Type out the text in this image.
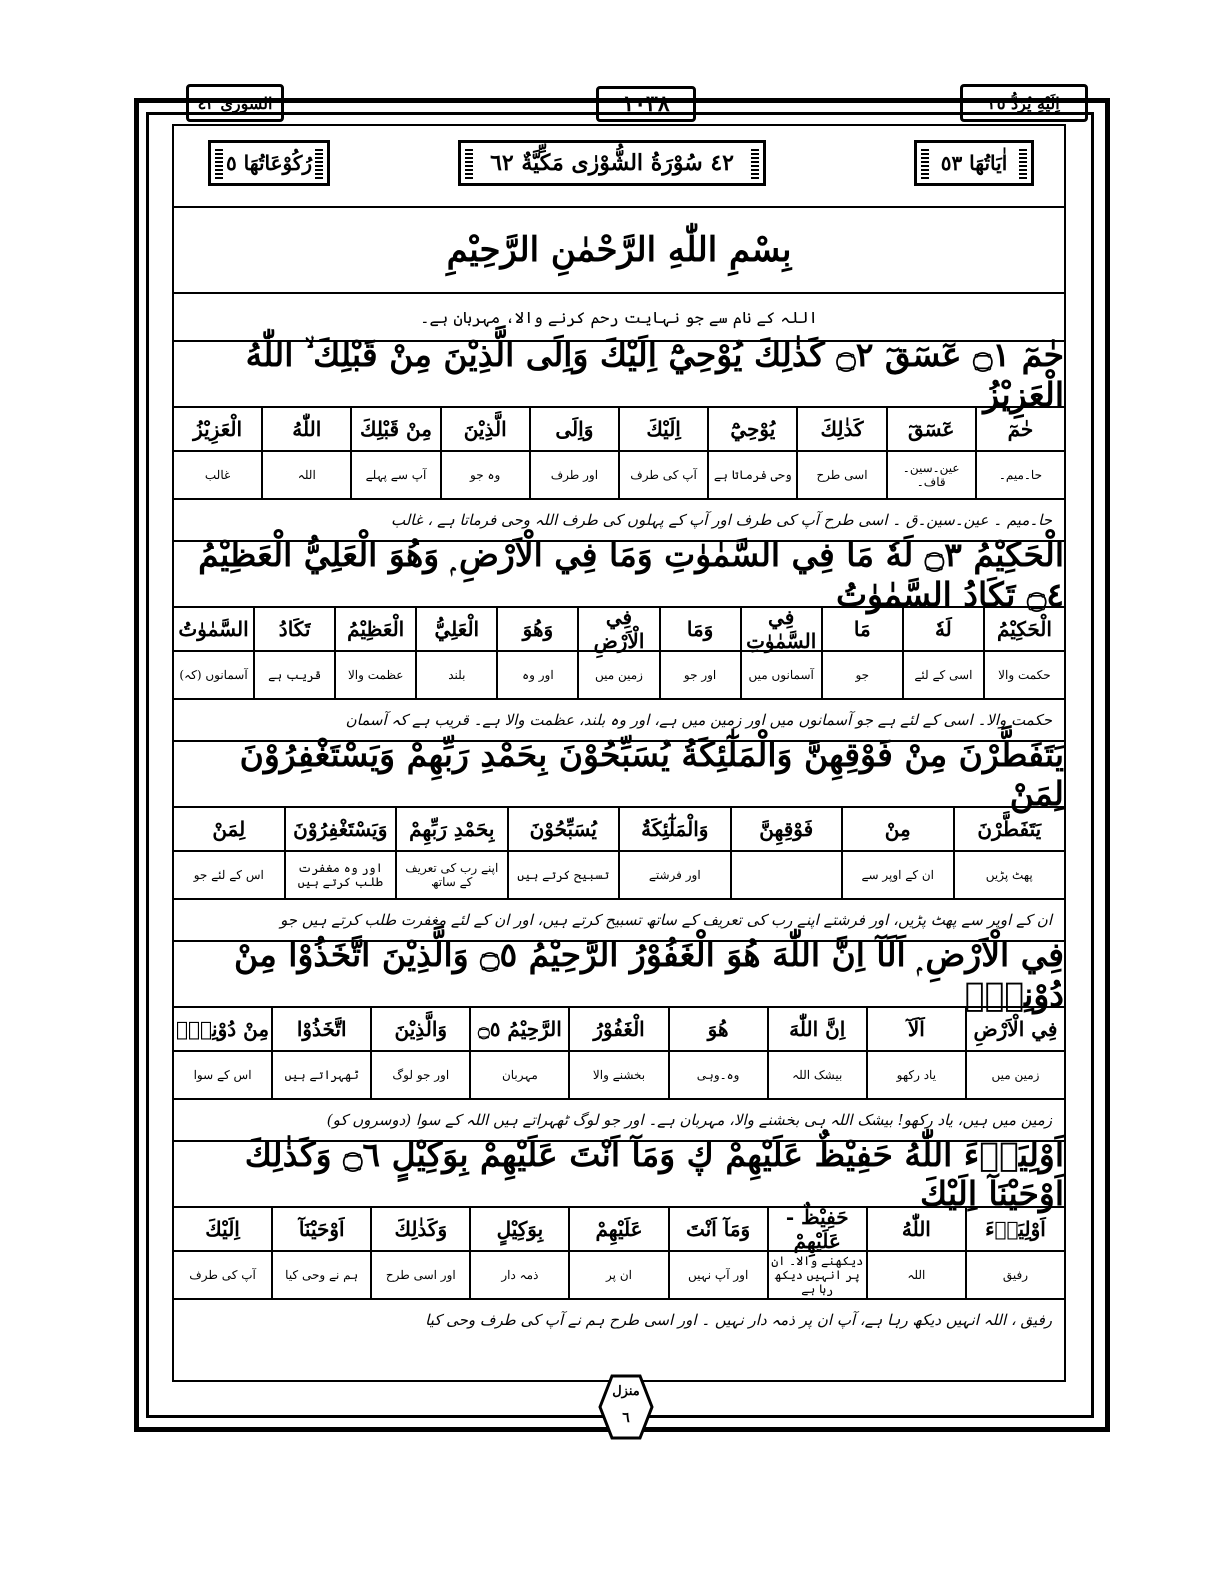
اِلَيْهِ يُرَدُّ ٢٥
١٠٣٨
الشوریٰ ٤٢
اٰيَاتُهَا ٥٣
٤٢ سُوْرَةُ الشُّوْرٰى مَكِّيَّةٌ ٦٢
رُكُوْعَاتُهَا ٥
بِسْمِ اللّٰهِ الرَّحْمٰنِ الرَّحِيْمِ
اللہ کے نام سے جو نہایت رحم کرنے والا، مہربان ہے۔
حٰمٓ ۝١ عٓسٓقٓ ۝٢ كَذٰلِكَ يُوْحِيْٓ اِلَيْكَ وَاِلَى الَّذِيْنَ مِنْ قَبْلِكَ ۙ اللّٰهُ الْعَزِيْزُ
حٰمٓ
عٓسٓقٓ
كَذٰلِكَ
يُوْحِيْٓ
اِلَيْكَ
وَاِلَى
الَّذِيْنَ
مِنْ قَبْلِكَ
اللّٰهُ
الْعَزِيْزُ
حا۔میم۔
عین۔سین۔قاف۔
اسی طرح
وحی فرماتا ہے
آپ کی طرف
اور طرف
وہ جو
آپ سے پہلے
اللہ
غالب
حا۔میم ۔ عین۔سین۔ق ۔ اسی طرح آپ کی طرف اور آپ کے پہلوں کی طرف اللہ وحی فرماتا ہے ، غالب
الْحَكِيْمُ ۝٣ لَهٗ مَا فِي السَّمٰوٰتِ وَمَا فِي الْاَرْضِ ۭ وَهُوَ الْعَلِيُّ الْعَظِيْمُ ۝٤ تَكَادُ السَّمٰوٰتُ
الْحَكِيْمُ
لَهٗ
مَا
فِي السَّمٰوٰتِ
وَمَا
فِي الْاَرْضِ
وَهُوَ
الْعَلِيُّ
الْعَظِيْمُ
تَكَادُ
السَّمٰوٰتُ
حکمت والا
اسی کے لئے
جو
آسمانوں میں
اور جو
زمین میں
اور وہ
بلند
عظمت والا
قریب ہے
آسمانوں (کہ)
حکمت والا۔ اسی کے لئے ہے جو آسمانوں میں اور زمین میں ہے، اور وہ بلند، عظمت والا ہے۔ قریب ہے کہ آسمان
يَتَفَطَّرْنَ مِنْ فَوْقِهِنَّ وَالْمَلٰٓئِكَةُ يُسَبِّحُوْنَ بِحَمْدِ رَبِّهِمْ وَيَسْتَغْفِرُوْنَ لِمَنْ
يَتَفَطَّرْنَ
مِنْ
فَوْقِهِنَّ
وَالْمَلٰٓئِكَةُ
يُسَبِّحُوْنَ
بِحَمْدِ رَبِّهِمْ
وَيَسْتَغْفِرُوْنَ
لِمَنْ
پھٹ پڑیں
ان کے اوپر سے
اور فرشتے
تسبیح کرتے ہیں
اپنے رب کی تعریف کے ساتھ
اور وہ مغفرت طلب کرتے ہیں
اس کے لئے جو
ان کے اوپر سے پھٹ پڑیں، اور فرشتے اپنے رب کی تعریف کے ساتھ تسبیح کرتے ہیں، اور ان کے لئے مغفرت طلب کرتے ہیں جو
فِي الْاَرْضِ ۭ اَلَآ اِنَّ اللّٰهَ هُوَ الْغَفُوْرُ الرَّحِيْمُ ۝٥ وَالَّذِيْنَ اتَّخَذُوْا مِنْ دُوْنِهٖٓ
فِي الْاَرْضِ
اَلَآ
اِنَّ اللّٰهَ
هُوَ
الْغَفُوْرُ
الرَّحِيْمُ ۝٥
وَالَّذِيْنَ
اتَّخَذُوْا
مِنْ دُوْنِهٖٓ
زمین میں
یاد رکھو
بیشک اللہ
وہ۔وہی
بخشنے والا
مہربان
اور جو لوگ
ٹھہراتے ہیں
اس کے سوا
زمین میں ہیں، یاد رکھو! بیشک اللہ ہی بخشنے والا، مہربان ہے۔ اور جو لوگ ٹھہراتے ہیں اللہ کے سوا (دوسروں کو)
اَوْلِيَاۗءَ اللّٰهُ حَفِيْظٌ عَلَيْهِمْ ڮ وَمَآ اَنْتَ عَلَيْهِمْ بِوَكِيْلٍ ۝٦ وَكَذٰلِكَ اَوْحَيْنَآ اِلَيْكَ
اَوْلِيَاۗءَ
اللّٰهُ
حَفِيْظٌ - عَلَيْهِمْ
وَمَآ اَنْتَ
عَلَيْهِمْ
بِوَكِيْلٍ
وَكَذٰلِكَ
اَوْحَيْنَآ
اِلَيْكَ
رفیق
اللہ
دیکھنے والا۔ ان پر انہیں دیکھ رہا ہے
اور آپ نہیں
ان پر
ذمہ دار
اور اسی طرح
ہم نے وحی کیا
آپ کی طرف
رفیق ، اللہ انہیں دیکھ رہا ہے، آپ ان پر ذمہ دار نہیں ۔ اور اسی طرح ہم نے آپ کی طرف وحی کیا
منزل
٦
